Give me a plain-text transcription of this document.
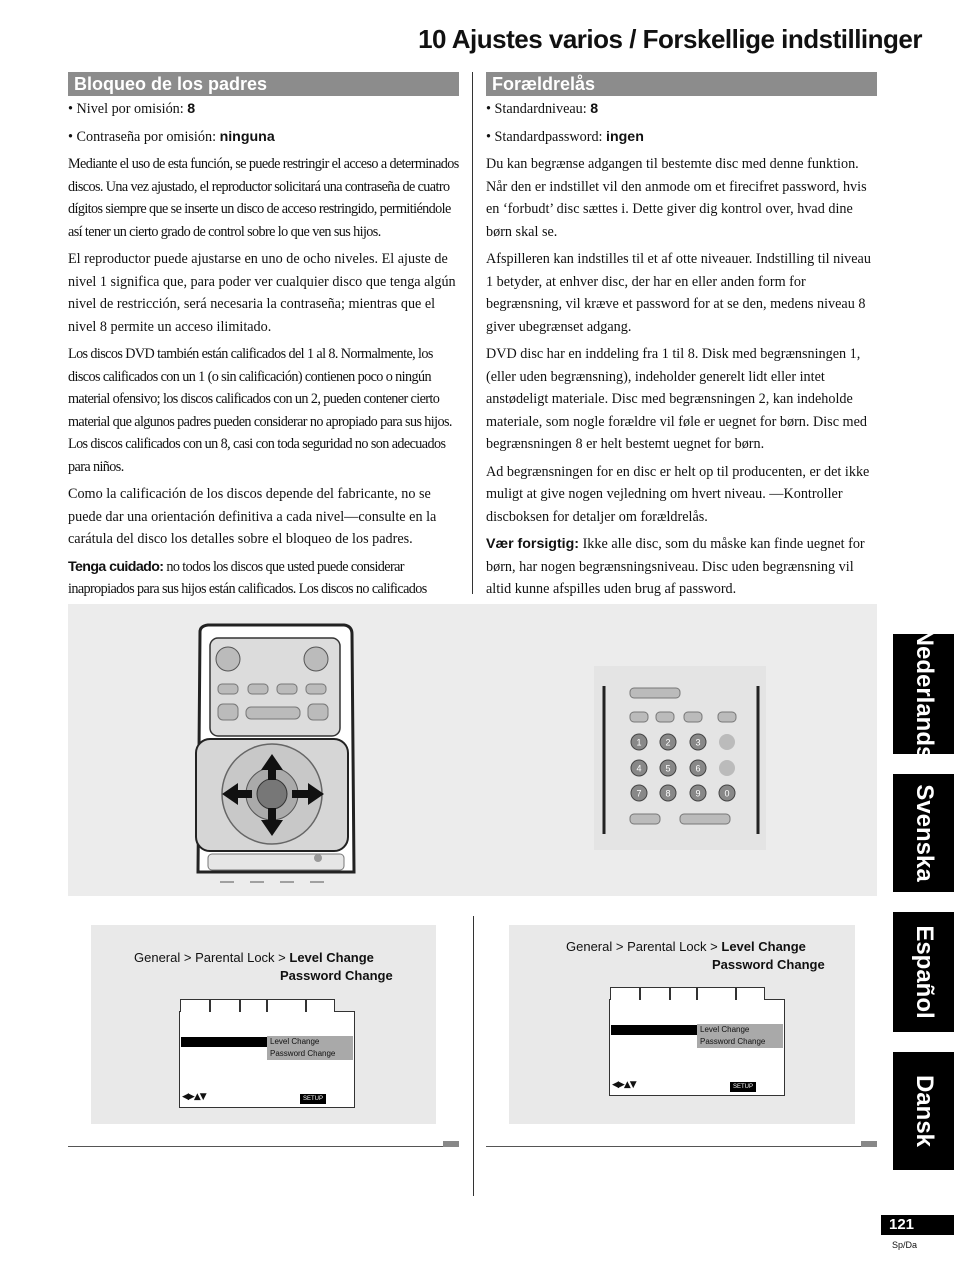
10 Ajustes varios / Forskellige indstillinger
Bloqueo de los padres

• Nivel por omisión: 8

• Contraseña por omisión: ninguna

Mediante el uso de esta función, se puede restringir el acceso a determinados discos. Una vez ajustado, el reproductor solicitará una contraseña de cuatro dígitos siempre que se inserte un disco de acceso restringido, permitiéndole así tener un cierto grado de control sobre lo que ven sus hijos.

El reproductor puede ajustarse en uno de ocho niveles. El ajuste de nivel 1 significa que, para poder ver cualquier disco que tenga algún nivel de restricción, será necesaria la contraseña; mientras que el nivel 8 permite un acceso ilimitado.

Los discos DVD también están calificados del 1 al 8. Normalmente, los discos calificados con un 1 (o sin calificación) contienen poco o ningún material ofensivo; los discos calificados con un 2, pueden contener cierto material que algunos padres pueden considerar no apropiado para sus hijos. Los discos calificados con un 8, casi con toda seguridad no son adecuados para niños.

Como la calificación de los discos depende del fabricante, no se puede dar una orientación definitiva a cada nivel—consulte en la carátula del disco los detalles sobre el bloqueo de los padres.

Tenga cuidado: no todos los discos que usted puede considerar inapropiados para sus hijos están calificados. Los discos no calificados

Forældrelås

• Standardniveau: 8

• Standardpassword: ingen

Du kan begrænse adgangen til bestemte disc med denne funktion. Når den er indstillet vil den anmode om et firecifret password, hvis en ‘forbudt’ disc sættes i. Dette giver dig kontrol over, hvad dine børn skal se.

Afspilleren kan indstilles til et af otte niveauer. Indstilling til niveau 1 betyder, at enhver disc, der har en eller anden form for begrænsning, vil kræve et password for at se den, medens niveau 8 giver ubegrænset adgang.

DVD disc har en inddeling fra 1 til 8. Disk med begrænsningen 1, (eller uden begrænsning), indeholder generelt lidt eller intet anstødeligt materiale. Disc med begrænsningen 2, kan indeholde materiale, som nogle forældre vil føle er uegnet for børn. Disc med begrænsningen 8 er helt bestemt uegnet for børn.

Ad begrænsningen for en disc er helt op til producenten, er det ikke muligt at give nogen vejledning om hvert niveau. —Kontroller discboksen for detaljer om forældrelås.

Vær forsigtig: Ikke alle disc, som du måske kan finde uegnet for børn, har nogen begrænsningsniveau. Disc uden begrænsning vil altid kunne afspilles uden brug af password.

1	2	3
4	5	6
7	8	9	0
Nederlands
Svenska
Español
Dansk
General > Parental Lock > Level Change
Password Change
Level Change
Password Change
◀▶▲▼	SETUP
General > Parental Lock > Level Change
Password Change
Level Change
Password Change
◀▶▲▼	SETUP
121
Sp/Da
